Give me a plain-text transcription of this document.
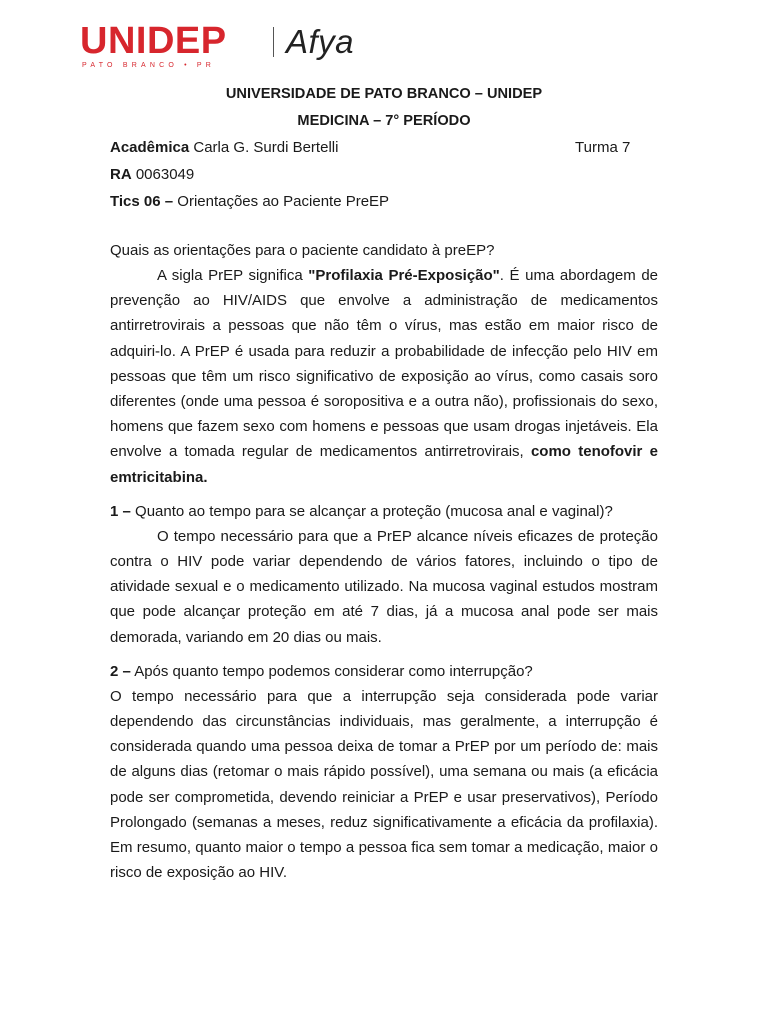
UNIDEP
PATO BRANCO • PR
Afya
UNIVERSIDADE DE PATO BRANCO – UNIDEP
MEDICINA – 7° PERÍODO
Acadêmica Carla G. Surdi Bertelli	Turma 7
RA 0063049
Tics 06 – Orientações ao Paciente PreEP

Quais as orientações para o paciente candidato à preEP?

A sigla PrEP significa "Profilaxia Pré-Exposição". É uma abordagem de prevenção ao HIV/AIDS que envolve a administração de medicamentos antirretrovirais a pessoas que não têm o vírus, mas estão em maior risco de adquiri-lo. A PrEP é usada para reduzir a probabilidade de infecção pelo HIV em pessoas que têm um risco significativo de exposição ao vírus, como casais soro diferentes (onde uma pessoa é soropositiva e a outra não), profissionais do sexo, homens que fazem sexo com homens e pessoas que usam drogas injetáveis. Ela envolve a tomada regular de medicamentos antirretrovirais, como tenofovir e emtricitabina.

1 – Quanto ao tempo para se alcançar a proteção (mucosa anal e vaginal)?

O tempo necessário para que a PrEP alcance níveis eficazes de proteção contra o HIV pode variar dependendo de vários fatores, incluindo o tipo de atividade sexual e o medicamento utilizado. Na mucosa vaginal estudos mostram que pode alcançar proteção em até 7 dias, já a mucosa anal pode ser mais demorada, variando em 20 dias ou mais.

2 – Após quanto tempo podemos considerar como interrupção?

O tempo necessário para que a interrupção seja considerada pode variar dependendo das circunstâncias individuais, mas geralmente, a interrupção é considerada quando uma pessoa deixa de tomar a PrEP por um período de: mais de alguns dias (retomar o mais rápido possível), uma semana ou mais (a eficácia pode ser comprometida, devendo reiniciar a PrEP e usar preservativos), Período Prolongado (semanas a meses, reduz significativamente a eficácia da profilaxia). Em resumo, quanto maior o tempo a pessoa fica sem tomar a medicação, maior o risco de exposição ao HIV.
